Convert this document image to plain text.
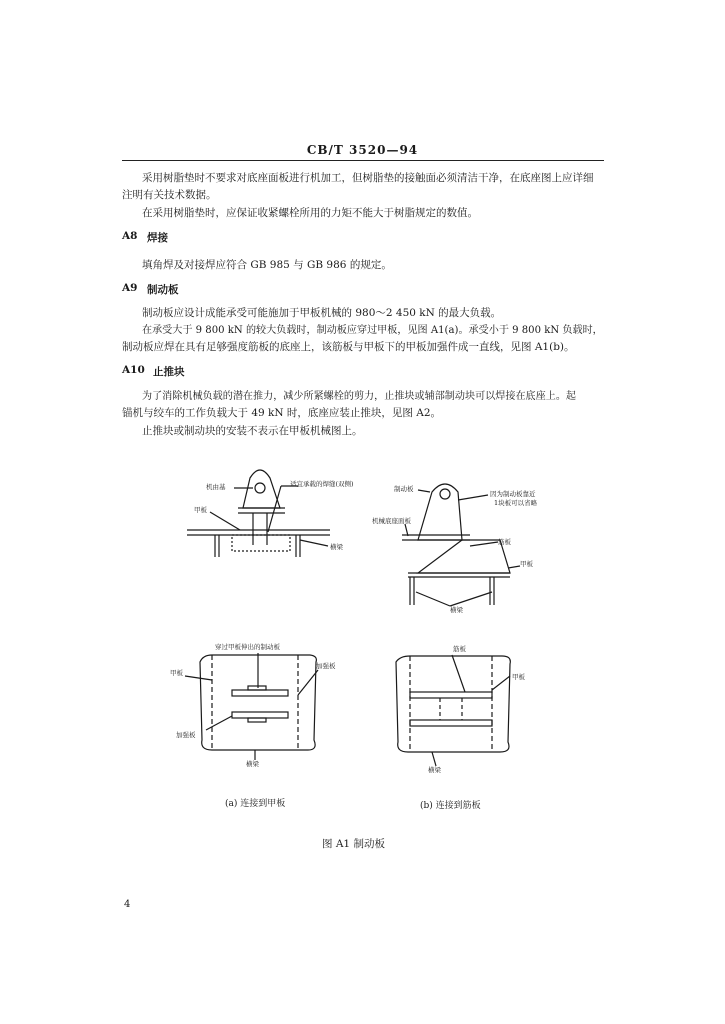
CB/T 3520—94
采用树脂垫时不要求对底座面板进行机加工，但树脂垫的接触面必须清洁干净，在底座图上应详细
注明有关技术数据。
在采用树脂垫时，应保证收紧螺栓所用的力矩不能大于树脂规定的数值。
A8 焊接
填角焊及对接焊应符合 GB 985 与 GB 986 的规定。
A9 制动板
制动板应设计成能承受可能施加于甲板机械的 980～2 450 kN 的最大负载。
在承受大于 9 800 kN 的较大负载时，制动板应穿过甲板，见图 A1(a)。承受小于 9 800 kN 负载时，
制动板应焊在具有足够强度筋板的底座上，该筋板与甲板下的甲板加强件成一直线，见图 A1(b)。
A10 止推块
为了消除机械负载的潜在推力，减少所紧螺栓的剪力，止推块或辅部制动块可以焊接在底座上。起
锚机与绞车的工作负载大于 49 kN 时，底座应装止推块，见图 A2。
止推块或制动块的安装不表示在甲板机械图上。
机由基	适宜承载的焊缝(双侧)
甲板
横梁
制动板
因为制动板靠近
1块板可以省略
机械底座面板
筋板
甲板
横梁
穿过甲板伸出的制动板
甲板
加强板
加强板
横梁
筋板
甲板
横梁
(a) 连接到甲板	(b) 连接到筋板
图 A1 制动板
4
